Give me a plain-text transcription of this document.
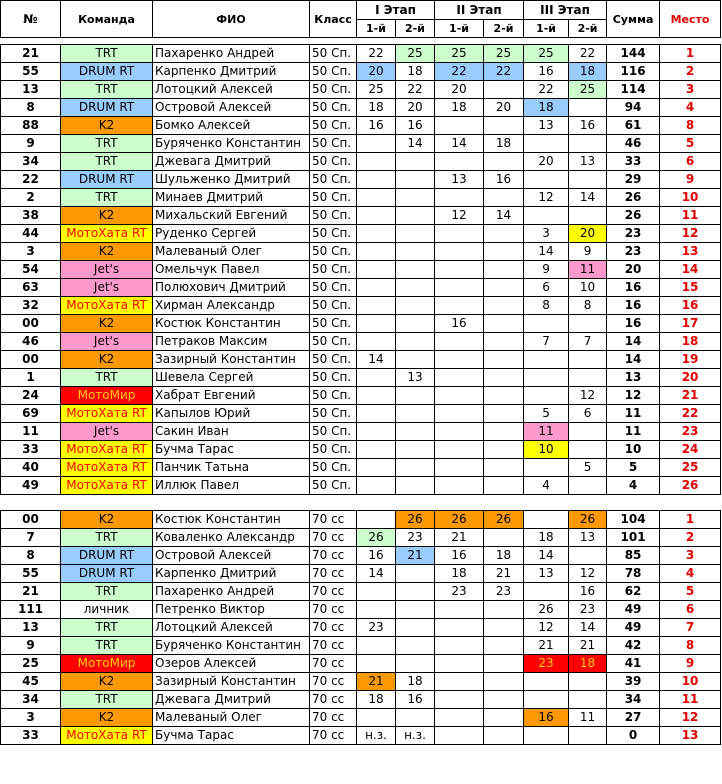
№	Команда	ФИО	Класс	I Этап		II Этап		III Этап		Сумма	Место
				1-й	2-й	1-й	2-й	1-й	2-й		

21	TRT	Пахаренко Андрей	50 Сп.	22	25	25	25	25	22	144	1
55	DRUM RT	Карпенко Дмитрий	50 Сп.	20	18	22	22	16	18	116	2
13	TRT	Лотоцкий Алексей	50 Сп.	25	22	20		22	25	114	3
8	DRUM RT	Островой Алексей	50 Сп.	18	20	18	20	18		94	4
88	K2	Бомко Алексей	50 Сп.	16	16			13	16	61	8
9	TRT	Буряченко Константин	50 Сп.		14	14	18			46	5
34	TRT	Джевага Дмитрий	50 Сп.					20	13	33	6
22	DRUM RT	Шульженко Дмитрий	50 Сп.			13	16			29	9
2	TRT	Минаев Дмитрий	50 Сп.					12	14	26	10
38	K2	Михальский Евгений	50 Сп.			12	14			26	11
44	МотоХата RT	Руденко Сергей	50 Сп.					3	20	23	12
3	K2	Малеваный Олег	50 Сп.					14	9	23	13
54	Jet's	Омельчук Павел	50 Сп.					9	11	20	14
63	Jet's	Полюхович Дмитрий	50 Сп.					6	10	16	15
32	МотоХата RT	Хирман Александр	50 Сп.					8	8	16	16
00	K2	Костюк Константин	50 Сп.			16				16	17
46	Jet's	Петраков Максим	50 Сп.					7	7	14	18
00	K2	Зазирный Константин	50 Сп.	14						14	19
1	TRT	Шевела Сергей	50 Сп.		13					13	20
24	МотоМир	Хабрат Евгений	50 Сп.						12	12	21
69	МотоХата RT	Капылов Юрий	50 Сп.					5	6	11	22
11	Jet's	Сакин Иван	50 Сп.					11		11	23
33	МотоХата RT	Бучма Тарас	50 Сп.					10		10	24
40	МотоХата RT	Панчик Татьна	50 Сп.						5	5	25
49	МотоХата RT	Иллюк Павел	50 Сп.					4		4	26

00	K2	Костюк Константин	70 сс		26	26	26		26	104	1
7	TRT	Коваленко Александр	70 сс	26	23	21		18	13	101	2
8	DRUM RT	Островой Алексей	70 сс	16	21	16	18	14		85	3
55	DRUM RT	Карпенко Дмитрий	70 сс	14		18	21	13	12	78	4
21	TRT	Пахаренко Андрей	70 сс			23	23		16	62	5
111	личник	Петренко Виктор	70 сс					26	23	49	6
13	TRT	Лотоцкий Алексей	70 сс	23				12	14	49	7
9	TRT	Буряченко Константин	70 сс					21	21	42	8
25	МотоМир	Озеров Алексей	70 сс					23	18	41	9
45	K2	Зазирный Константин	70 сс	21	18					39	10
34	TRT	Джевага Дмитрий	70 сс	18	16					34	11
3	K2	Малеваный Олег	70 сс					16	11	27	12
33	МотоХата RT	Бучма Тарас	70 сс	н.з.	н.з.					0	13
